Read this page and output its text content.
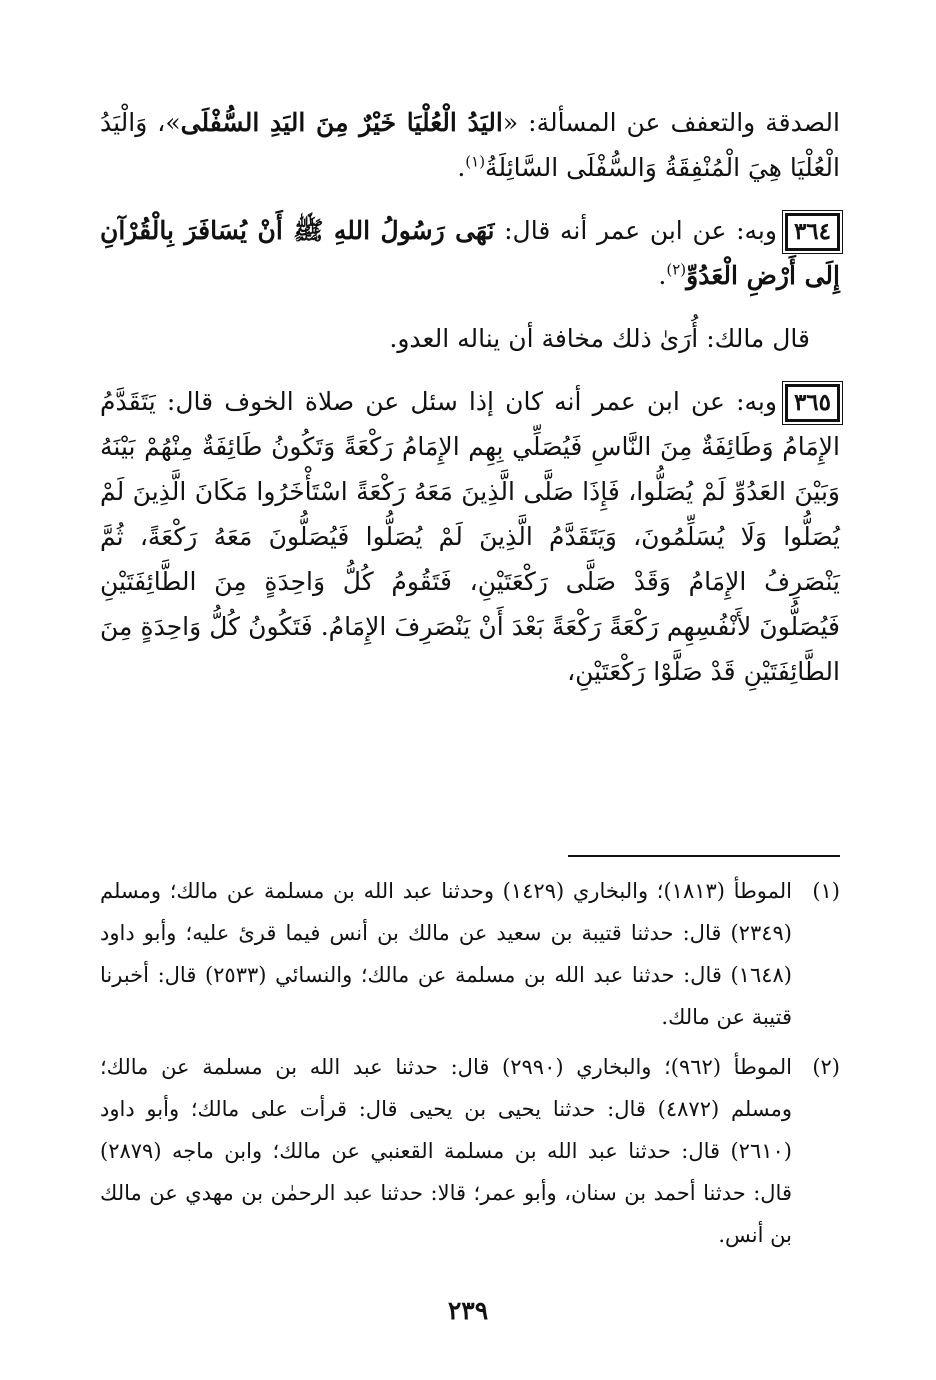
الصدقة والتعفف عن المسألة: «اليَدُ الْعُلْيَا خَيْرٌ مِنَ اليَدِ السُّفْلَى»، وَالْيَدُ الْعُلْيَا هِيَ الْمُنْفِقَةُ وَالسُّفْلَى السَّائِلَةُ$^{(١)}$.

٣٦٤وبه: عن ابن عمر أنه قال: نَهَى رَسُولُ اللهِ ﷺ أَنْ يُسَافَرَ بِالْقُرْآنِ إِلَى أَرْضِ الْعَدُوِّ$^{(٢)}$.

قال مالك: أُرَىٰ ذلك مخافة أن يناله العدو.

٣٦٥وبه: عن ابن عمر أنه كان إذا سئل عن صلاة الخوف قال: يَتَقَدَّمُ الإِمَامُ وَطَائِفَةٌ مِنَ النَّاسِ فَيُصَلِّي بِهِم الإِمَامُ رَكْعَةً وَتَكُونُ طَائِفَةٌ مِنْهُمْ بَيْنَهُ وَبَيْنَ العَدُوِّ لَمْ يُصَلُّوا، فَإِذَا صَلَّى الَّذِينَ مَعَهُ رَكْعَةً اسْتَأْخَرُوا مَكَانَ الَّذِينَ لَمْ يُصَلُّوا وَلَا يُسَلِّمُونَ، وَيَتَقَدَّمُ الَّذِينَ لَمْ يُصَلُّوا فَيُصَلُّونَ مَعَهُ رَكْعَةً، ثُمَّ يَنْصَرِفُ الإِمَامُ وَقَدْ صَلَّى رَكْعَتَيْنِ، فَتَقُومُ كُلُّ وَاحِدَةٍ مِنَ الطَّائِفَتَيْنِ فَيُصَلُّونَ لأَنْفُسِهِم رَكْعَةً رَكْعَةً بَعْدَ أَنْ يَنْصَرِفَ الإِمَامُ. فَتَكُونُ كُلُّ وَاحِدَةٍ مِنَ الطَّائِفَتَيْنِ قَدْ صَلَّوْا رَكْعَتَيْنِ،

(١)
الموطأ (١٨١٣)؛ والبخاري (١٤٢٩) وحدثنا عبد الله بن مسلمة عن مالك؛ ومسلم (٢٣٤٩) قال: حدثنا قتيبة بن سعيد عن مالك بن أنس فيما قرئ عليه؛ وأبو داود (١٦٤٨) قال: حدثنا عبد الله بن مسلمة عن مالك؛ والنسائي (٢٥٣٣) قال: أخبرنا قتيبة عن مالك.
(٢)
الموطأ (٩٦٢)؛ والبخاري (٢٩٩٠) قال: حدثنا عبد الله بن مسلمة عن مالك؛ ومسلم (٤٨٧٢) قال: حدثنا يحيى بن يحيى قال: قرأت على مالك؛ وأبو داود (٢٦١٠) قال: حدثنا عبد الله بن مسلمة القعنبي عن مالك؛ وابن ماجه (٢٨٧٩) قال: حدثنا أحمد بن سنان، وأبو عمر؛ قالا: حدثنا عبد الرحمٰن بن مهدي عن مالك بن أنس.
٢٣٩
